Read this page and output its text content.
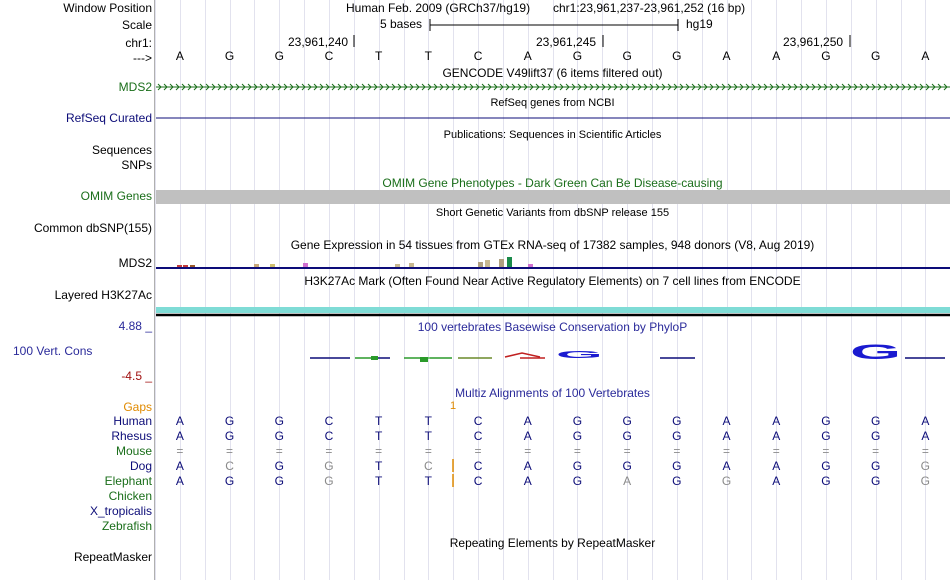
Window Position	Human Feb. 2009 (GRCh37/hg19) chr1:23,961,237-23,961,252 (16 bp)
Scale	5 bases	hg19
chr1:	23,961,240	23,961,245	23,961,250
---> A	G	G	C	T	T	C	A	G	G	G	A	A	G	G	A
GENCODE V49lift37 (6 items filtered out)
MDS2
RefSeq genes from NCBI
RefSeq Curated
Publications: Sequences in Scientific Articles
Sequences
SNPs
OMIM Gene Phenotypes - Dark Green Can Be Disease-causing
OMIM Genes
Short Genetic Variants from dbSNP release 155
Common dbSNP(155)
Gene Expression in 54 tissues from GTEx RNA-seq of 17382 samples, 948 donors (V8, Aug 2019)
MDS2
H3K27Ac Mark (Often Found Near Active Regulatory Elements) on 7 cell lines from ENCODE
Layered H3K27Ac
100 vertebrates Basewise Conservation by PhyloP
4.88 _
100 Vert. Cons
-4.5 _
Multiz Alignments of 100 Vertebrates
Gaps	1
Human A	G	G	C	T	T	C	A	G	G	G	A	A	G	G	A
Rhesus A	G	G	C	T	T	C	A	G	G	G	A	A	G	G	A
Mouse =	=	=	=	=	=	=	=	=	=	=	=	=	=	=	=
Dog A	C	G	G	T	C	C	A	G	G	G	A	A	G	G	G
Elephant A	G	G	G	T	T	C	A	G	A	G	G	A	G	G	G
Chicken
X_tropicalis
Zebrafish
Repeating Elements by RepeatMasker
RepeatMasker
G	G
